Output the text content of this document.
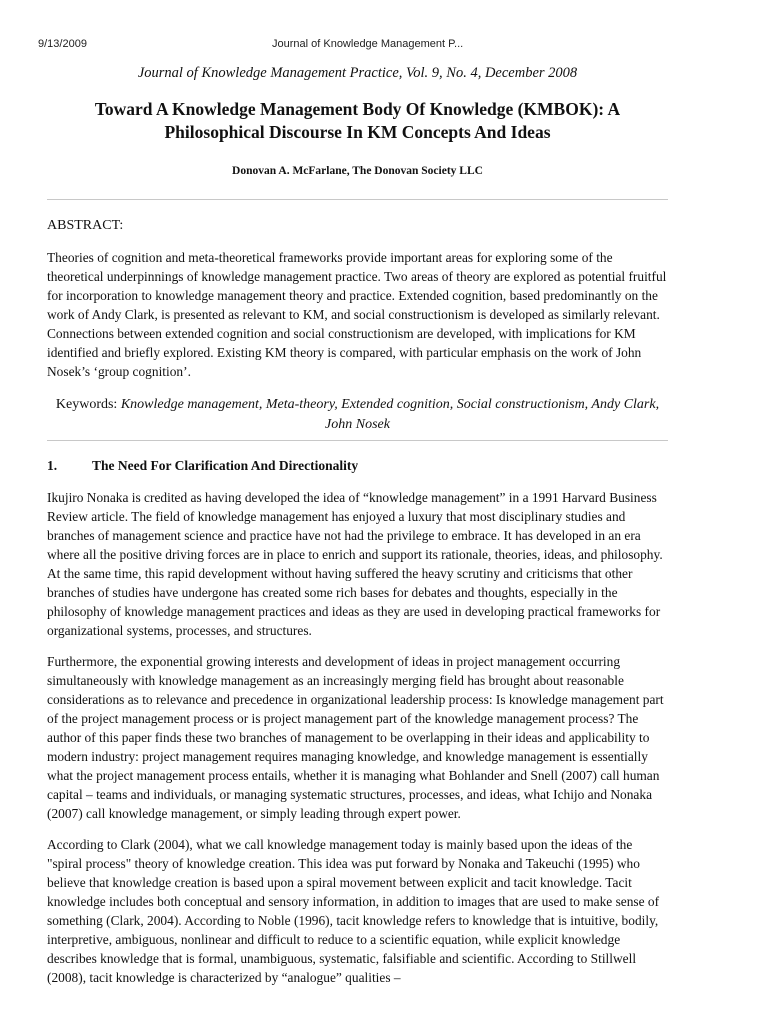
9/13/2009	Journal of Knowledge Management P...

Journal of Knowledge Management Practice, Vol. 9, No. 4, December 2008

Toward A Knowledge Management Body Of Knowledge (KMBOK): A
Philosophical Discourse In KM Concepts And Ideas

Donovan A. McFarlane, The Donovan Society LLC

ABSTRACT:

Theories of cognition and meta-theoretical frameworks provide important areas for exploring some of the theoretical underpinnings of knowledge management practice. Two areas of theory are explored as potential fruitful for incorporation to knowledge management theory and practice. Extended cognition, based predominantly on the work of Andy Clark, is presented as relevant to KM, and social constructionism is developed as similarly relevant. Connections between extended cognition and social constructionism are developed, with implications for KM identified and briefly explored. Existing KM theory is compared, with particular emphasis on the work of John Nosek’s ‘group cognition’.

Keywords: Knowledge management, Meta-theory, Extended cognition, Social constructionism, Andy Clark, John Nosek

1.	The Need For Clarification And Directionality

Ikujiro Nonaka is credited as having developed the idea of “knowledge management” in a 1991 Harvard Business Review article. The field of knowledge management has enjoyed a luxury that most disciplinary studies and branches of management science and practice have not had the privilege to embrace. It has developed in an era where all the positive driving forces are in place to enrich and support its rationale, theories, ideas, and philosophy. At the same time, this rapid development without having suffered the heavy scrutiny and criticisms that other branches of studies have undergone has created some rich bases for debates and thoughts, especially in the philosophy of knowledge management practices and ideas as they are used in developing practical frameworks for organizational systems, processes, and structures.

Furthermore, the exponential growing interests and development of ideas in project management occurring simultaneously with knowledge management as an increasingly merging field has brought about reasonable considerations as to relevance and precedence in organizational leadership process: Is knowledge management part of the project management process or is project management part of the knowledge management process? The author of this paper finds these two branches of management to be overlapping in their ideas and applicability to modern industry: project management requires managing knowledge, and knowledge management is essentially what the project management process entails, whether it is managing what Bohlander and Snell (2007) call human capital – teams and individuals, or managing systematic structures, processes, and ideas, what Ichijo and Nonaka (2007) call knowledge management, or simply leading through expert power.

According to Clark (2004), what we call knowledge management today is mainly based upon the ideas of the "spiral process" theory of knowledge creation. This idea was put forward by Nonaka and Takeuchi (1995) who believe that knowledge creation is based upon a spiral movement between explicit and tacit knowledge. Tacit knowledge includes both conceptual and sensory information, in addition to images that are used to make sense of something (Clark, 2004). According to Noble (1996), tacit knowledge refers to knowledge that is intuitive, bodily, interpretive, ambiguous, nonlinear and difficult to reduce to a scientific equation, while explicit knowledge describes knowledge that is formal, unambiguous, systematic, falsifiable and scientific. According to Stillwell (2008), tacit knowledge is characterized by “analogue” qualities –
